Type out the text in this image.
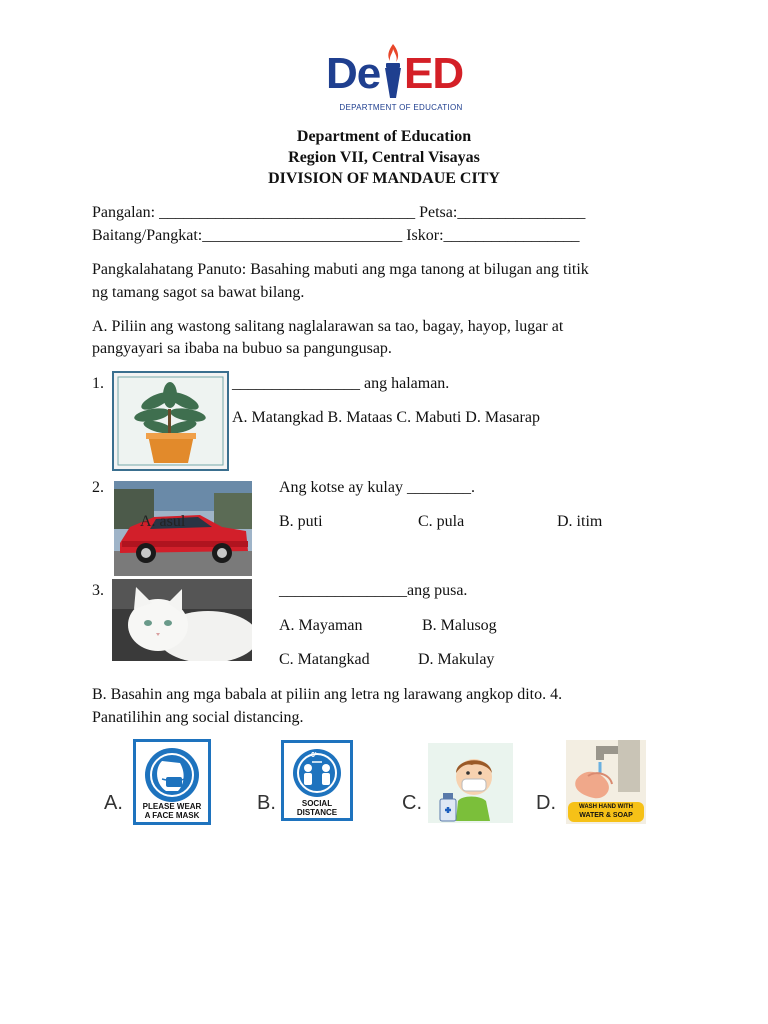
De ED
DEPARTMENT OF EDUCATION
Department of Education
Region VII, Central Visayas
DIVISION OF MANDAUE CITY
Pangalan: ________________________________ Petsa:________________
Baitang/Pangkat:_________________________ Iskor:_________________
Pangkalahatang Panuto: Basahing mabuti ang mga tanong at bilugan ang titik
ng tamang sagot sa bawat bilang.
A. Piliin ang wastong salitang naglalarawan sa tao, bagay, hayop, lugar at
pangyayari sa ibaba na bubuo sa pangungusap.
1.	________________ ang halaman.
A. Matangkad B. Mataas C. Mabuti D. Masarap
2.
A. asul
Ang kotse ay kulay ________.
B. puti	C. pula	D. itim
3.	________________ang pusa.
A. Mayaman	B. Malusog
C. Matangkad	D. Makulay
B. Basahin ang mga babala at piliin ang letra ng larawang angkop dito. 4.
Panatilihin ang social distancing.
A.	PLEASE WEAR
A FACE MASK
B.
6'
SOCIAL
DISTANCE	C.	D.	WASH HAND WITH
WATER & SOAP
